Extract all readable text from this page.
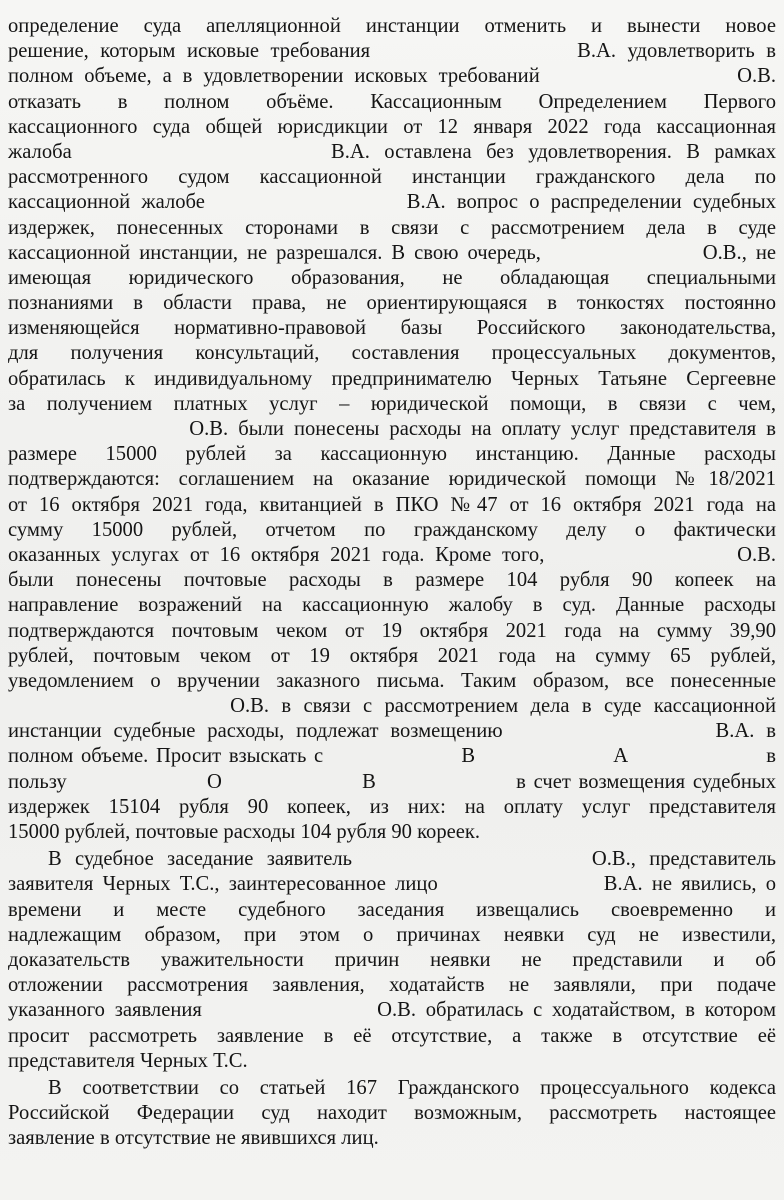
определение суда апелляционной инстанции отменить и вынести новое
решение, которым исковые требования                  В.А. удовлетворить в
полном объеме, а в удовлетворении исковых требований                  О.В.
отказать в полном объёме. Кассационным Определением Первого
кассационного суда общей юрисдикции от 12 января 2022 года кассационная
жалоба                  В.А. оставлена без удовлетворения. В рамках
рассмотренного судом кассационной инстанции гражданского дела по
кассационной жалобе                  В.А. вопрос о распределении судебных
издержек, понесенных сторонами в связи с рассмотрением дела в суде
кассационной инстанции, не разрешался. В свою очередь,                  О.В., не
имеющая юридического образования, не обладающая специальными
познаниями в области права, не ориентирующаяся в тонкостях постоянно
изменяющейся нормативно-правовой базы Российского законодательства,
для получения консультаций, составления процессуальных документов,
обратилась к индивидуальному предпринимателю Черных Татьяне Сергеевне
за получением платных услуг – юридической помощи, в связи с чем,
О.В. были понесены расходы на оплату услуг представителя в
размере 15000 рублей за кассационную инстанцию. Данные расходы
подтверждаются: соглашением на оказание юридической помощи №18/2021
от 16 октября 2021 года, квитанцией в ПКО №47 от 16 октября 2021 года на
сумму 15000 рублей, отчетом по гражданскому делу о фактически
оказанных услугах от 16 октября 2021 года. Кроме того,                  О.В.
были понесены почтовые расходы в размере 104 рубля 90 копеек на
направление возражений на кассационную жалобу в суд. Данные расходы
подтверждаются почтовым чеком от 19 октября 2021 года на сумму 39,90
рублей, почтовым чеком от 19 октября 2021 года на сумму 65 рублей,
уведомлением о вручении заказного письма. Таким образом, все понесенные
О.В. в связи с рассмотрением дела в суде кассационной
инстанции судебные расходы, подлежат возмещению                  В.А. в
полном объеме. Просит взыскать с                  В                  А                  в
пользу                  О                  В                  в счет возмещения судебных
издержек 15104 рубля 90 копеек, из них: на оплату услуг представителя
15000 рублей, почтовые расходы 104 рубля 90 кореек.
В судебное заседание заявитель                  О.В., представитель
заявителя Черных Т.С., заинтересованное лицо                  В.А. не явились, о
времени и месте судебного заседания извещались своевременно и
надлежащим образом, при этом о причинах неявки суд не известили,
доказательств уважительности причин неявки не представили и об
отложении рассмотрения заявления, ходатайств не заявляли, при подаче
указанного заявления                  О.В. обратилась с ходатайством, в котором
просит рассмотреть заявление в её отсутствие, а также в отсутствие её
представителя Черных Т.С.
В соответствии со статьей 167 Гражданского процессуального кодекса
Российской Федерации суд находит возможным, рассмотреть настоящее
заявление в отсутствие не явившихся лиц.
